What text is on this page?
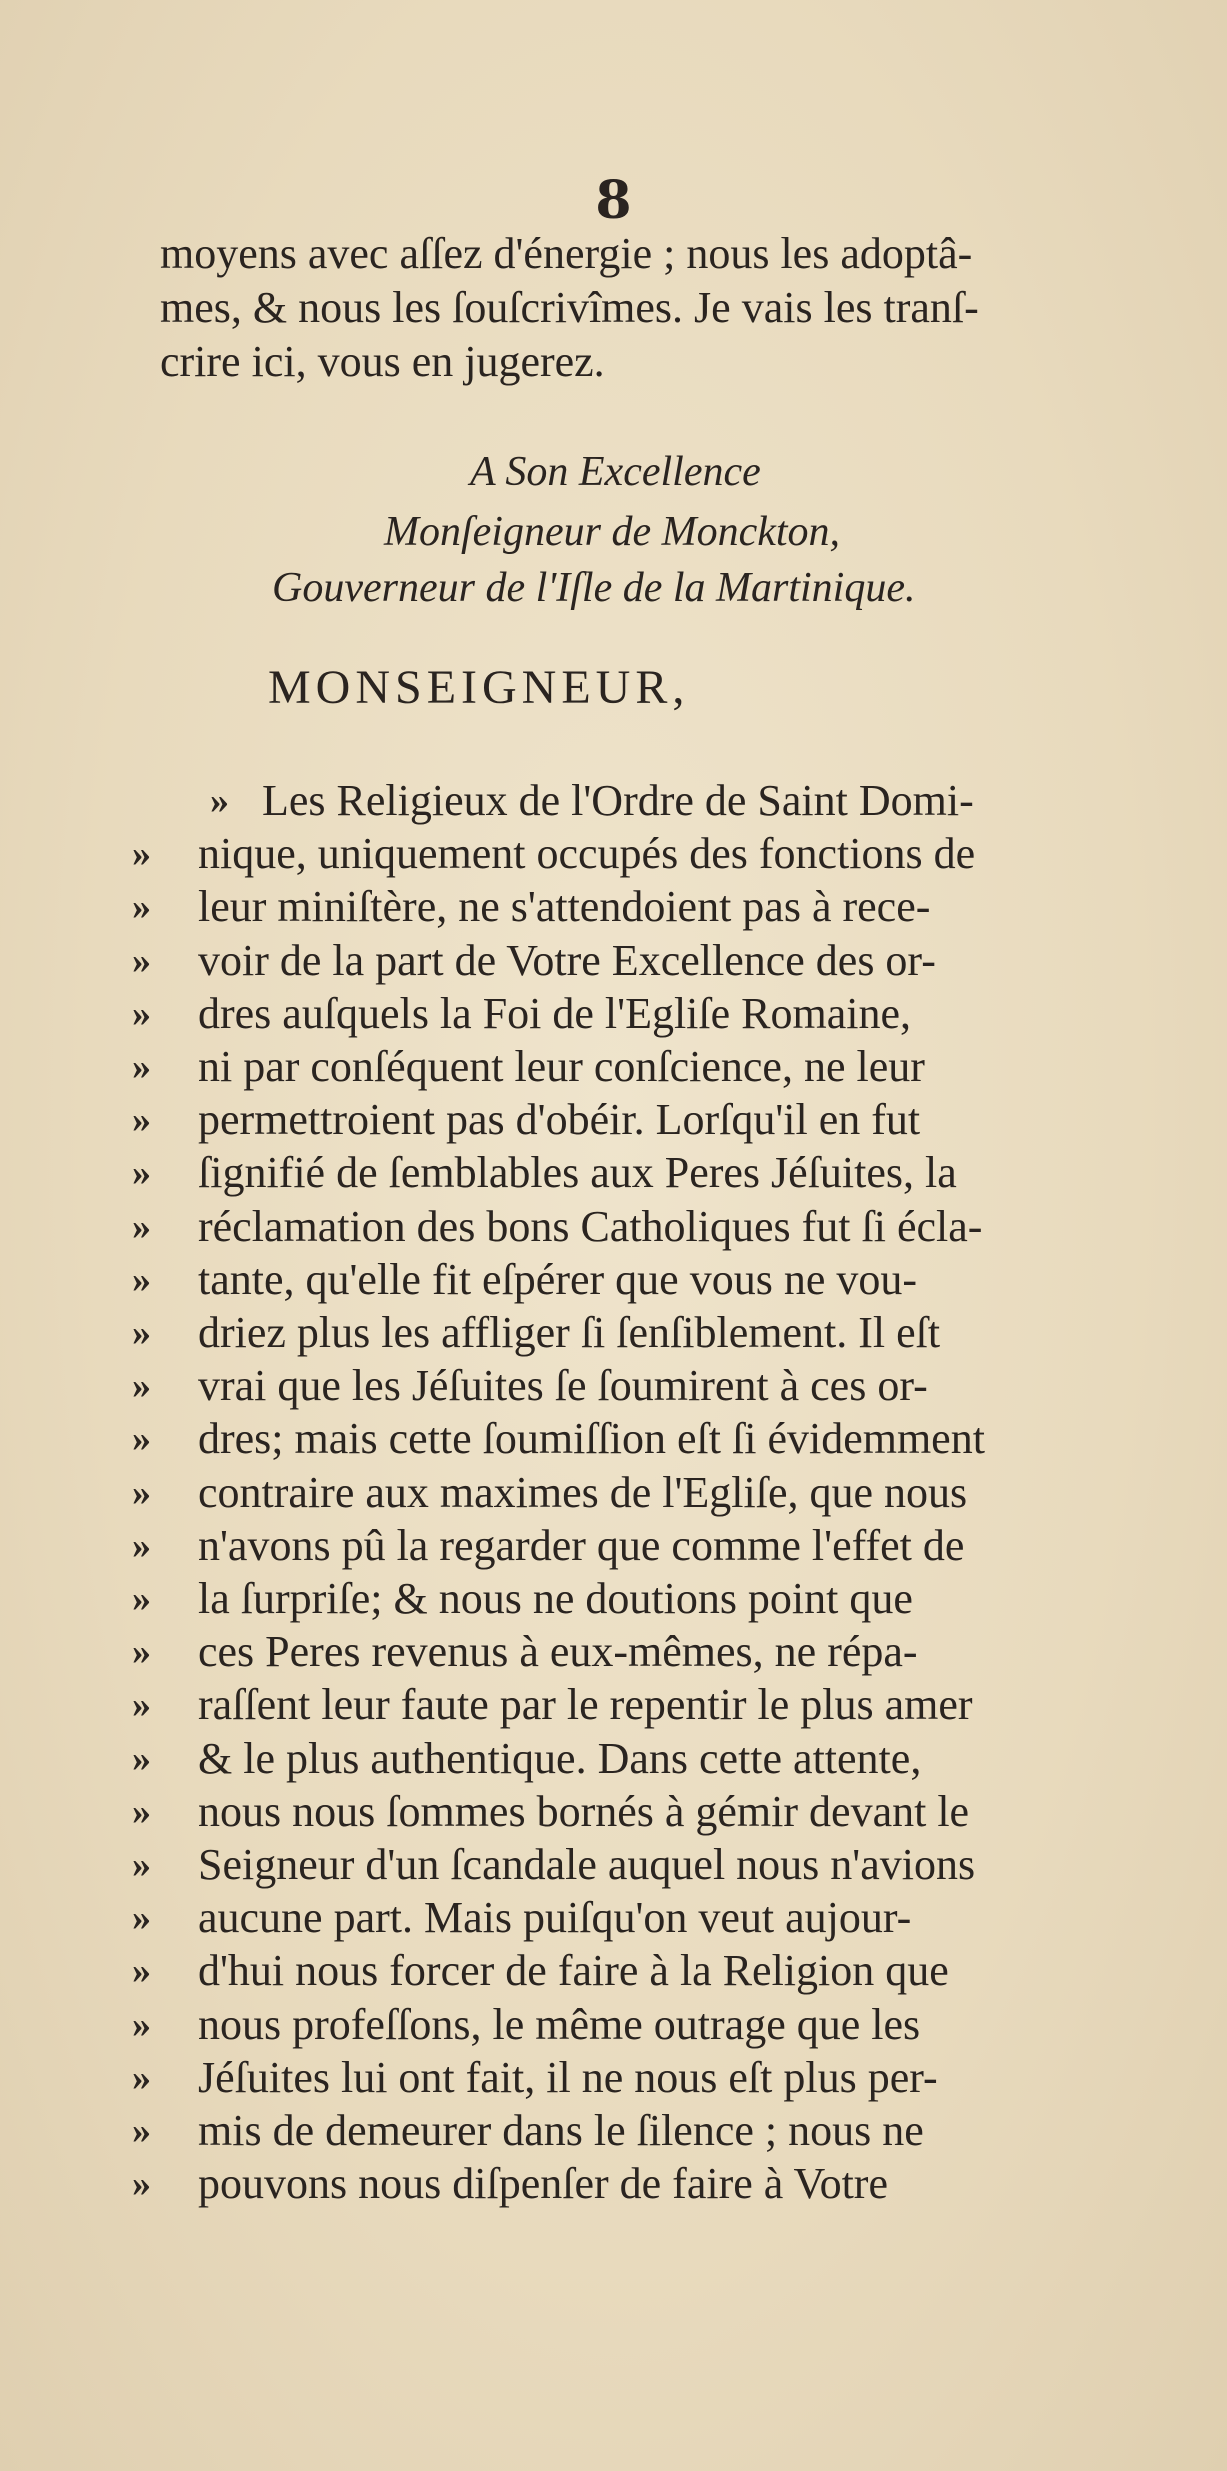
8
moyens avec aſſez d'énergie ; nous les adoptâ-
mes, & nous les ſouſcrivîmes. Je vais les tranſ-
crire ici, vous en jugerez.
A Son Excellence
Monſeigneur de Monckton,
Gouverneur de l'Iſle de la Martinique.
MONSEIGNEUR,
» Les Religieux de l'Ordre de Saint Domi-
»	nique, uniquement occupés des fonctions de
»	leur miniſtère, ne s'attendoient pas à rece-
»	voir de la part de Votre Excellence des or-
»	dres auſquels la Foi de l'Egliſe Romaine,
»	ni par conſéquent leur conſcience, ne leur
»	permettroient pas d'obéir. Lorſqu'il en fut
»	ſignifié de ſemblables aux Peres Jéſuites, la
»	réclamation des bons Catholiques fut ſi écla-
»	tante, qu'elle fit eſpérer que vous ne vou-
»	driez plus les affliger ſi ſenſiblement. Il eſt
»	vrai que les Jéſuites ſe ſoumirent à ces or-
»	dres; mais cette ſoumiſſion eſt ſi évidemment
»	contraire aux maximes de l'Egliſe, que nous
»	n'avons pû la regarder que comme l'effet de
»	la ſurpriſe; & nous ne doutions point que
»	ces Peres revenus à eux-mêmes, ne répa-
»	raſſent leur faute par le repentir le plus amer
»	& le plus authentique. Dans cette attente,
»	nous nous ſommes bornés à gémir devant le
»	Seigneur d'un ſcandale auquel nous n'avions
»	aucune part. Mais puiſqu'on veut aujour-
»	d'hui nous forcer de faire à la Religion que
»	nous profeſſons, le même outrage que les
»	Jéſuites lui ont fait, il ne nous eſt plus per-
»	mis de demeurer dans le ſilence ; nous ne
»	pouvons nous diſpenſer de faire à Votre
